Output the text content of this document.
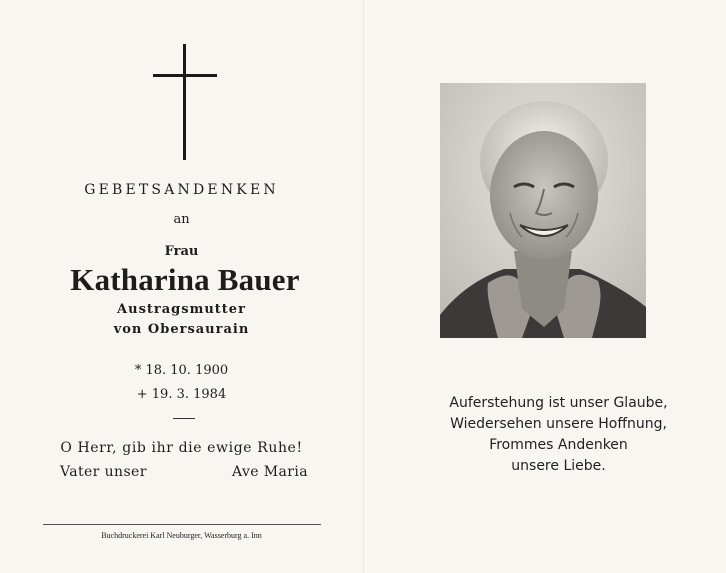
GEBETSANDENKEN
an
Frau
Katharina Bauer
Austragsmutter
von Obersaurain
* 18. 10. 1900
+ 19. 3. 1984
O Herr, gib ihr die ewige Ruhe!
Vater unser	Ave Maria
Buchdruckerei Karl Neuburger, Wasserburg a. Inn
Auferstehung ist unser Glaube,
Wiedersehen unsere Hoffnung,
Frommes Andenken
unsere Liebe.
